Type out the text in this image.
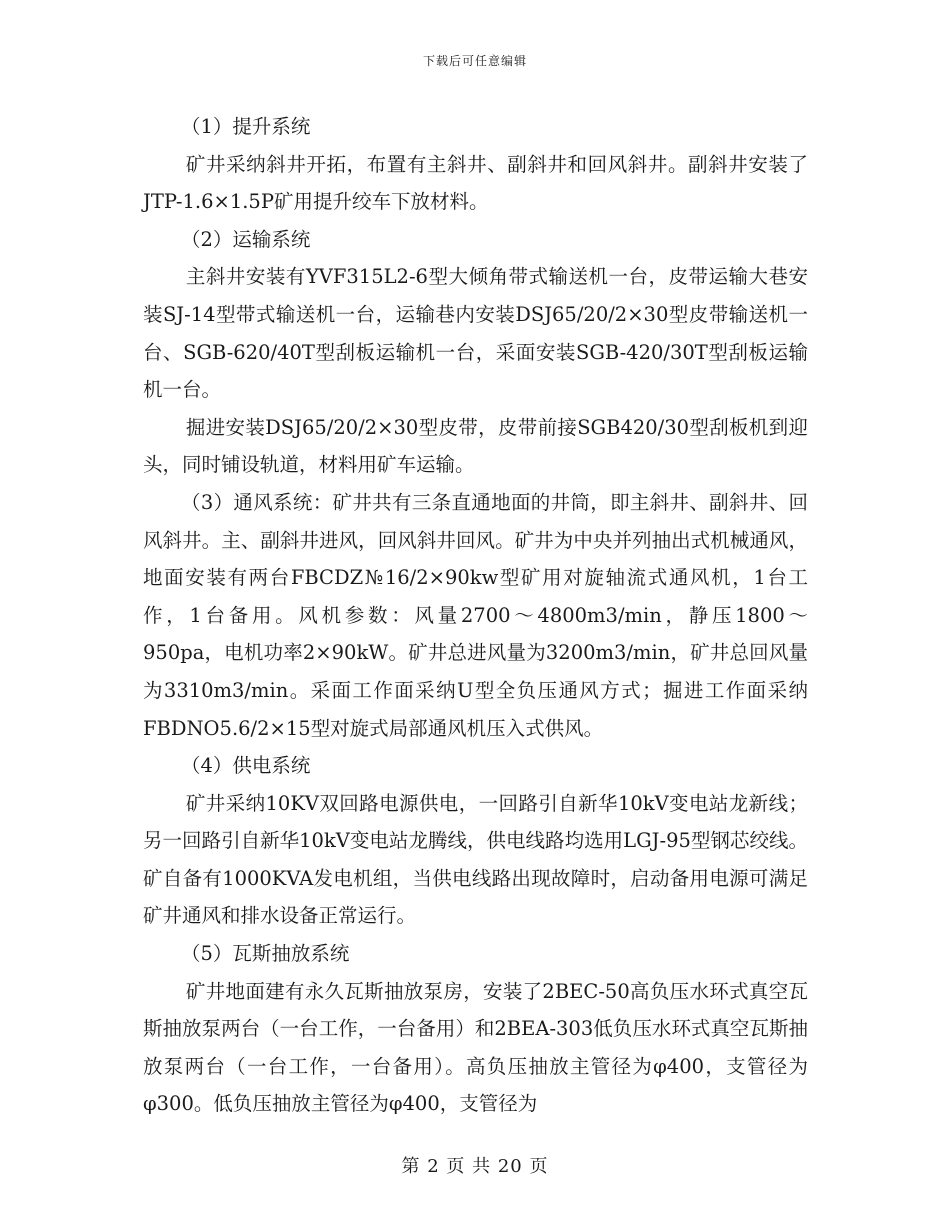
下载后可任意编辑

（1）提升系统

矿井采纳斜井开拓，布置有主斜井、副斜井和回风斜井。副斜井安装了JTP-1.6×1.5P矿用提升绞车下放材料。

（2）运输系统

主斜井安装有YVF315L2-6型大倾角带式输送机一台，皮带运输大巷安装SJ-14型带式输送机一台，运输巷内安装DSJ65/20/2×30型皮带输送机一台、SGB-620/40T型刮板运输机一台，采面安装SGB-420/30T型刮板运输机一台。

掘进安装DSJ65/20/2×30型皮带，皮带前接SGB420/30型刮板机到迎头，同时铺设轨道，材料用矿车运输。

（3）通风系统：矿井共有三条直通地面的井筒，即主斜井、副斜井、回风斜井。主、副斜井进风，回风斜井回风。矿井为中央并列抽出式机械通风，地面安装有两台FBCDZ№16/2×90kw型矿用对旋轴流式通风机，1台工作，1台备用。风机参数：风量2700～4800m3/min，静压1800～950pa，电机功率2×90kW。矿井总进风量为3200m3/min，矿井总回风量为3310m3/min。采面工作面采纳U型全负压通风方式；掘进工作面采纳FBDNO5.6/2×15型对旋式局部通风机压入式供风。

（4）供电系统

矿井采纳10KV双回路电源供电，一回路引自新华10kV变电站龙新线；另一回路引自新华10kV变电站龙腾线，供电线路均选用LGJ-95型钢芯绞线。矿自备有1000KVA发电机组，当供电线路出现故障时，启动备用电源可满足矿井通风和排水设备正常运行。

（5）瓦斯抽放系统

矿井地面建有永久瓦斯抽放泵房，安装了2BEC-50高负压水环式真空瓦斯抽放泵两台（一台工作，一台备用）和2BEA-303低负压水环式真空瓦斯抽放泵两台（一台工作，一台备用）。高负压抽放主管径为φ400，支管径为φ300。低负压抽放主管径为φ400，支管径为

第 2 页 共 20 页
